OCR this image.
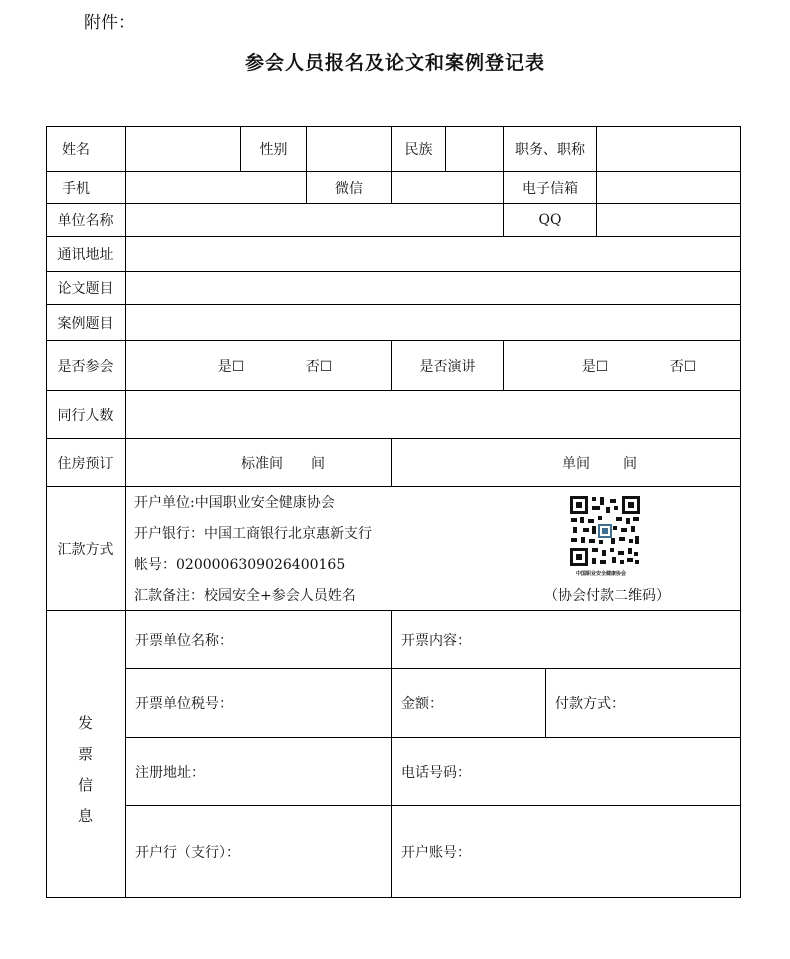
附件：
参会人员报名及论文和案例登记表
姓名	性别	民族	职务、职称
手机	微信	电子信箱
单位名称	QQ
通讯地址
论文题目
案例题目
是否参会	是☐	否☐	是否演讲	是☐	否☐
同行人数
住房预订	标准间	间	单间	间
汇款方式
开户单位:中国职业安全健康协会
开户银行：中国工商银行北京惠新支行
帐号：0200006309026400165
汇款备注：校园安全+参会人员姓名
中国职业安全健康协会
（协会付款二维码）
发
票
信
息
开票单位名称：	开票内容：
开票单位税号：	金额：	付款方式：
注册地址：	电话号码：
开户行（支行）：	开户账号：
